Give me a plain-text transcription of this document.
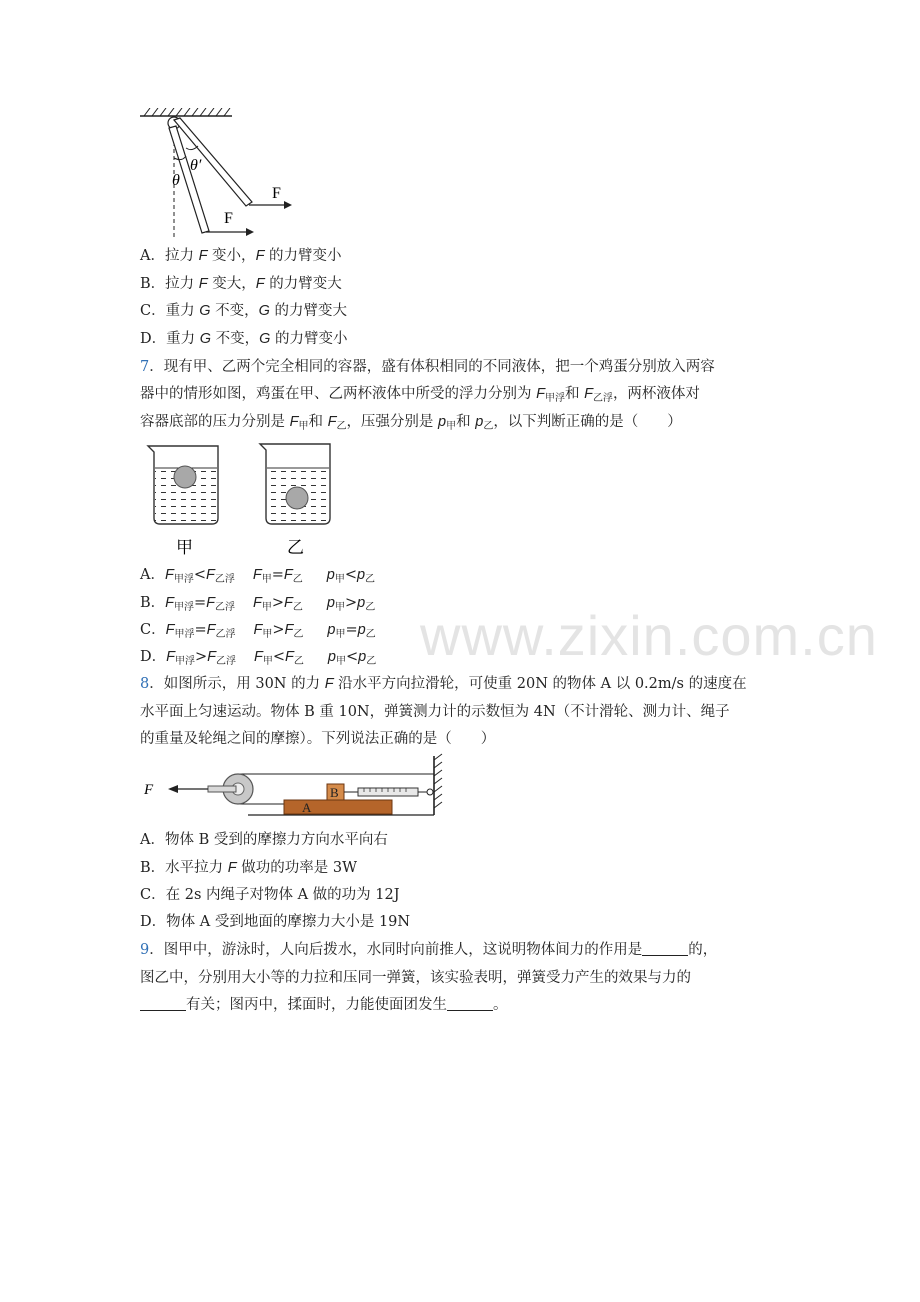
www.zixin.com.cn
θ
θ′
F
F
A．拉力 F 变小，F 的力臂变小
B．拉力 F 变大，F 的力臂变大
C．重力 G 不变，G 的力臂变大
D．重力 G 不变，G 的力臂变小
7．现有甲、乙两个完全相同的容器，盛有体积相同的不同液体，把一个鸡蛋分别放入两容
器中的情形如图，鸡蛋在甲、乙两杯液体中所受的浮力分别为 $F_{甲浮}$和 $F_{乙浮}$，两杯液体对
容器底部的压力分别是 $F_甲$和 $F_乙$，压强分别是 $p_甲$和 $p_乙$，以下判断正确的是（　　）
甲	乙
A．$F_{甲浮}<F_{乙浮}$ $F_甲=F_乙$ $p_甲<p_乙$
B．$F_{甲浮}=F_{乙浮}$ $F_甲>F_乙$ $p_甲>p_乙$
C．$F_{甲浮}=F_{乙浮}$ $F_甲>F_乙$ $p_甲=p_乙$
D．$F_{甲浮}>F_{乙浮}$ $F_甲<F_乙$ $p_甲<p_乙$
8．如图所示，用 30N 的力 F 沿水平方向拉滑轮，可使重 20N 的物体 A 以 0.2m/s 的速度在
水平面上匀速运动。物体 B 重 10N，弹簧测力计的示数恒为 4N（不计滑轮、测力计、绳子
的重量及轮绳之间的摩擦）。下列说法正确的是（　　）
A
B
F
A．物体 B 受到的摩擦力方向水平向右
B．水平拉力 F 做功的功率是 3W
C．在 2s 内绳子对物体 A 做的功为 12J
D．物体 A 受到地面的摩擦力大小是 19N
9．图甲中，游泳时，人向后拨水，水同时向前推人，这说明物体间力的作用是	的，
图乙中，分别用大小等的力拉和压同一弹簧，该实验表明，弹簧受力产生的效果与力的
有关；图丙中，揉面时，力能使面团发生	。
